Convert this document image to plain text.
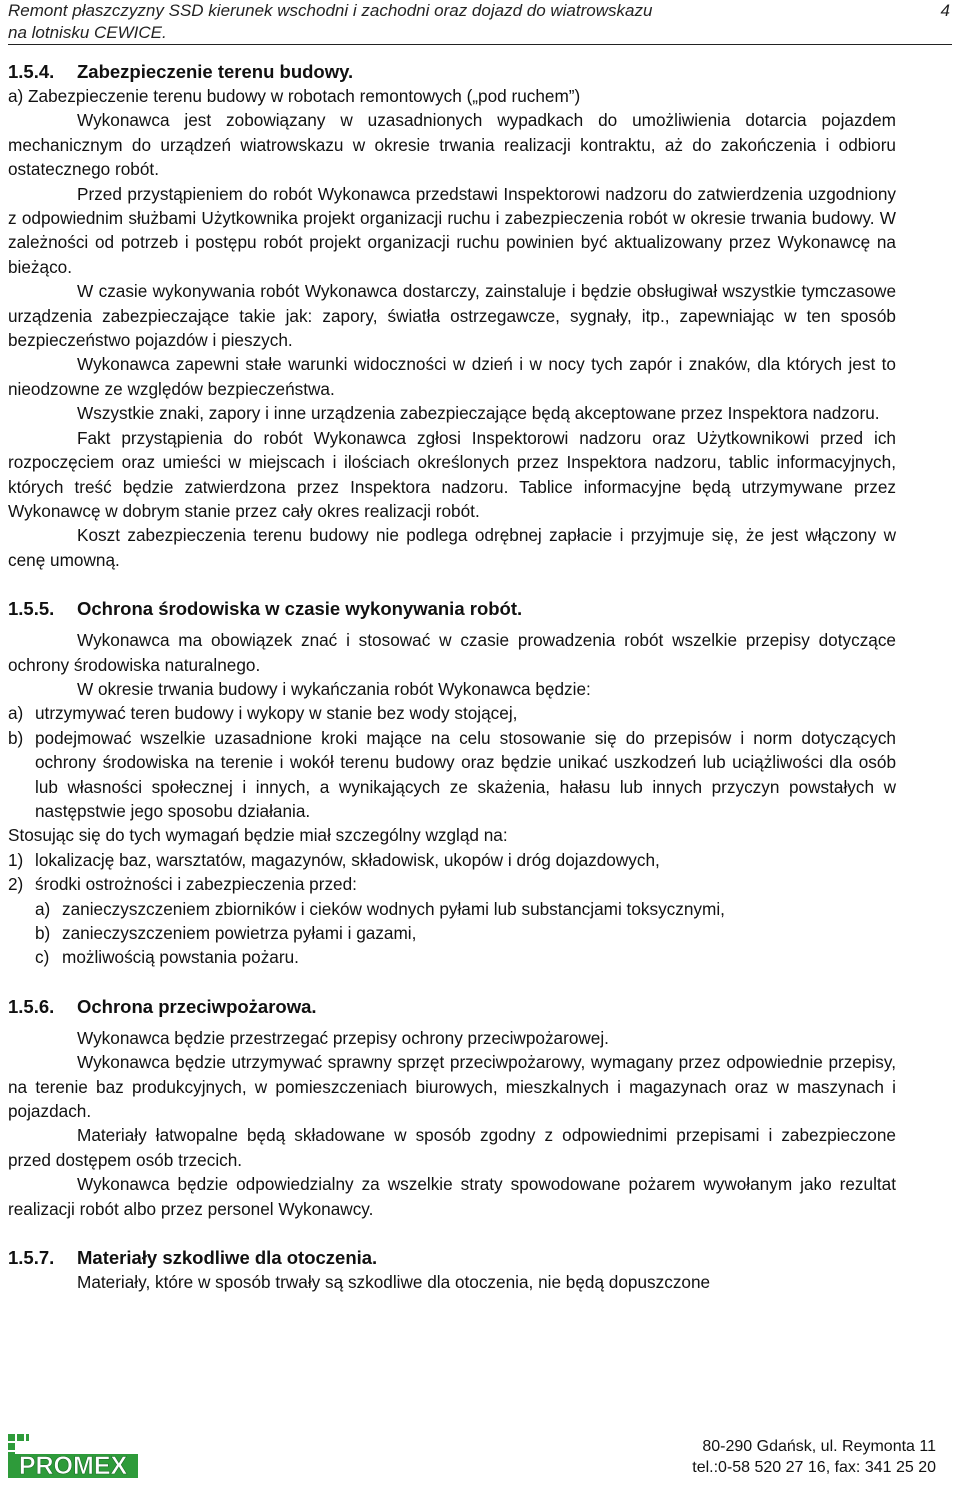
Remont płaszczyzny SSD kierunek wschodni i zachodni oraz dojazd do wiatrowskazu
na lotnisku CEWICE.
4
1.5.4. Zabezpieczenie terenu budowy.

a) Zabezpieczenie terenu budowy w robotach remontowych („pod ruchem”)

Wykonawca jest zobowiązany w uzasadnionych wypadkach do umożliwienia dotarcia pojazdem mechanicznym do urządzeń wiatrowskazu w okresie trwania realizacji kontraktu, aż do zakończenia i odbioru ostatecznego robót.

Przed przystąpieniem do robót Wykonawca przedstawi Inspektorowi nadzoru do zatwierdzenia uzgodniony z odpowiednim służbami Użytkownika projekt organizacji ruchu i zabezpieczenia robót w okresie trwania budowy. W zależności od potrzeb i postępu robót projekt organizacji ruchu powinien być aktualizowany przez Wykonawcę na bieżąco.

W czasie wykonywania robót Wykonawca dostarczy, zainstaluje i będzie obsługiwał wszystkie tymczasowe urządzenia zabezpieczające takie jak: zapory, światła ostrzegawcze, sygnały, itp., zapewniając w ten sposób bezpieczeństwo pojazdów i pieszych.

Wykonawca zapewni stałe warunki widoczności w dzień i w nocy tych zapór i znaków, dla których jest to nieodzowne ze względów bezpieczeństwa.

Wszystkie znaki, zapory i inne urządzenia zabezpieczające będą akceptowane przez Inspektora nadzoru.

Fakt przystąpienia do robót Wykonawca zgłosi Inspektorowi nadzoru oraz Użytkownikowi przed ich rozpoczęciem oraz umieści w miejscach i ilościach określonych przez Inspektora nadzoru, tablic informacyjnych, których treść będzie zatwierdzona przez Inspektora nadzoru. Tablice informacyjne będą utrzymywane przez Wykonawcę w dobrym stanie przez cały okres realizacji robót.

Koszt zabezpieczenia terenu budowy nie podlega odrębnej zapłacie i przyjmuje się, że jest włączony w cenę umowną.

1.5.5. Ochrona środowiska w czasie wykonywania robót.

Wykonawca ma obowiązek znać i stosować w czasie prowadzenia robót wszelkie przepisy dotyczące ochrony środowiska naturalnego.

W okresie trwania budowy i wykańczania robót Wykonawca będzie:

a) utrzymywać teren budowy i wykopy w stanie bez wody stojącej,
b) podejmować wszelkie uzasadnione kroki mające na celu stosowanie się do przepisów i norm dotyczących ochrony środowiska na terenie i wokół terenu budowy oraz będzie unikać uszkodzeń lub uciążliwości dla osób lub własności społecznej i innych, a wynikających ze skażenia, hałasu lub innych przyczyn powstałych w następstwie jego sposobu działania.

Stosując się do tych wymagań będzie miał szczególny wzgląd na:

1) lokalizację baz, warsztatów, magazynów, składowisk, ukopów i dróg dojazdowych,
2) środki ostrożności i zabezpieczenia przed:
a) zanieczyszczeniem zbiorników i cieków wodnych pyłami lub substancjami toksycznymi,
b) zanieczyszczeniem powietrza pyłami i gazami,
c) możliwością powstania pożaru.
1.5.6. Ochrona przeciwpożarowa.

Wykonawca będzie przestrzegać przepisy ochrony przeciwpożarowej.

Wykonawca będzie utrzymywać sprawny sprzęt przeciwpożarowy, wymagany przez odpowiednie przepisy, na terenie baz produkcyjnych, w pomieszczeniach biurowych, mieszkalnych i magazynach oraz w maszynach i pojazdach.

Materiały łatwopalne będą składowane w sposób zgodny z odpowiednimi przepisami i zabezpieczone przed dostępem osób trzecich.

Wykonawca będzie odpowiedzialny za wszelkie straty spowodowane pożarem wywołanym jako rezultat realizacji robót albo przez personel Wykonawcy.

1.5.7. Materiały szkodliwe dla otoczenia.

Materiały, które w sposób trwały są szkodliwe dla otoczenia, nie będą dopuszczone

PROMEX
80-290 Gdańsk, ul. Reymonta 11
tel.:0-58 520 27 16, fax: 341 25 20
